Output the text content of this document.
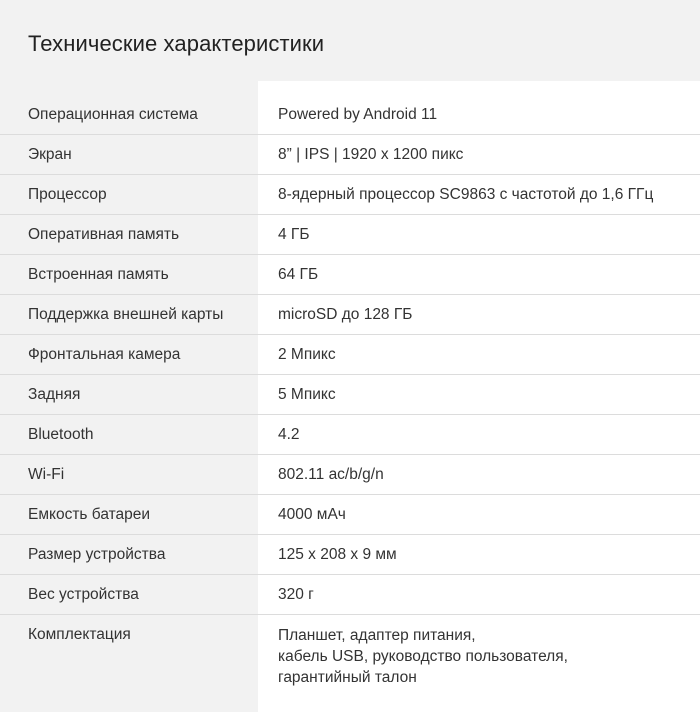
Технические характеристики
Операционная система	Powered by Android 11
Экран	8” | IPS | 1920 x 1200 пикс
Процессор	8-ядерный процессор SC9863 с частотой до 1,6 ГГц
Оперативная память	4 ГБ
Встроенная память	64 ГБ
Поддержка внешней карты	microSD до 128 ГБ
Фронтальная камера	2 Мпикс
Задняя	5 Мпикс
Bluetooth	4.2
Wi-Fi	802.11 ac/b/g/n
Емкость батареи	4000 мАч
Размер устройства	125 x 208 x 9 мм
Вес устройства	320 г
Комплектация	Планшет, адаптер питания,
кабель USB, руководство пользователя,
гарантийный талон
